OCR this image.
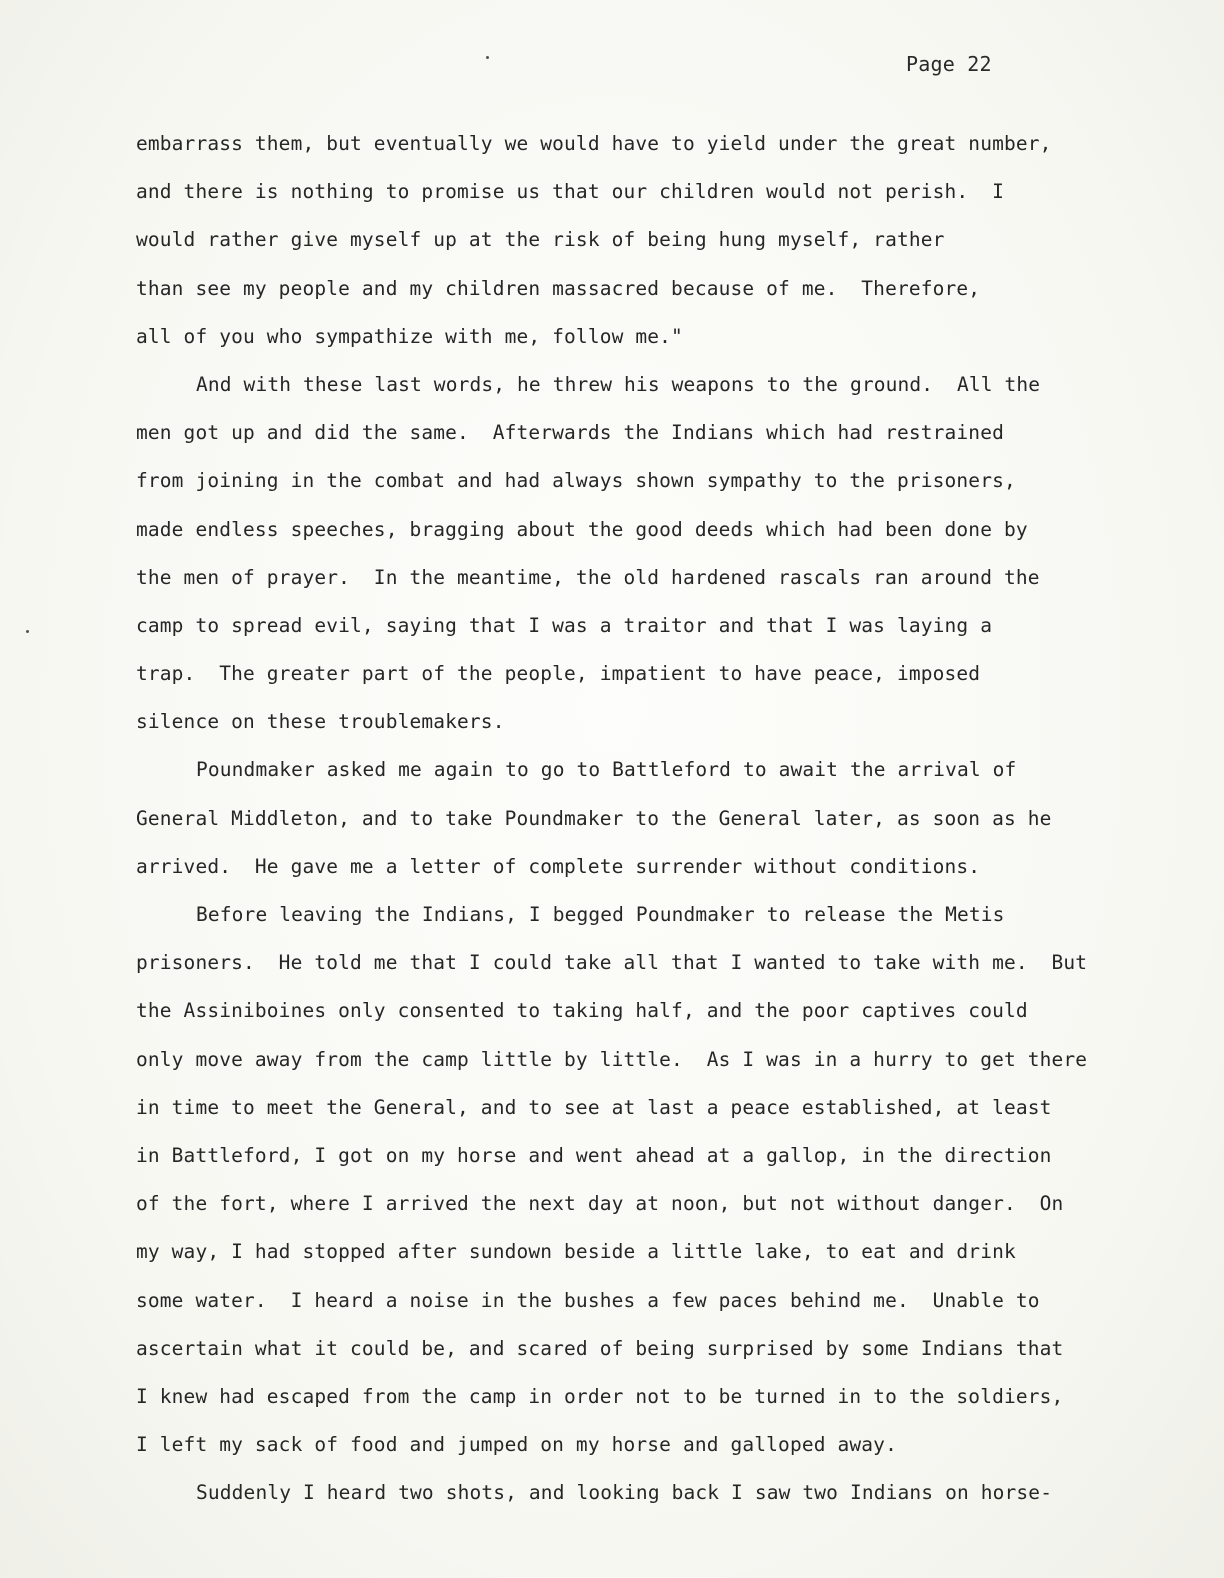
Page 22
embarrass them, but eventually we would have to yield under the great number,
and there is nothing to promise us that our children would not perish.  I
would rather give myself up at the risk of being hung myself, rather
than see my people and my children massacred because of me.  Therefore,
all of you who sympathize with me, follow me."
And with these last words, he threw his weapons to the ground.  All the
men got up and did the same.  Afterwards the Indians which had restrained
from joining in the combat and had always shown sympathy to the prisoners,
made endless speeches, bragging about the good deeds which had been done by
the men of prayer.  In the meantime, the old hardened rascals ran around the
camp to spread evil, saying that I was a traitor and that I was laying a
trap.  The greater part of the people, impatient to have peace, imposed
silence on these troublemakers.
Poundmaker asked me again to go to Battleford to await the arrival of
General Middleton, and to take Poundmaker to the General later, as soon as he
arrived.  He gave me a letter of complete surrender without conditions.
Before leaving the Indians, I begged Poundmaker to release the Metis
prisoners.  He told me that I could take all that I wanted to take with me.  But
the Assiniboines only consented to taking half, and the poor captives could
only move away from the camp little by little.  As I was in a hurry to get there
in time to meet the General, and to see at last a peace established, at least
in Battleford, I got on my horse and went ahead at a gallop, in the direction
of the fort, where I arrived the next day at noon, but not without danger.  On
my way, I had stopped after sundown beside a little lake, to eat and drink
some water.  I heard a noise in the bushes a few paces behind me.  Unable to
ascertain what it could be, and scared of being surprised by some Indians that
I knew had escaped from the camp in order not to be turned in to the soldiers,
I left my sack of food and jumped on my horse and galloped away.
Suddenly I heard two shots, and looking back I saw two Indians on horse-
